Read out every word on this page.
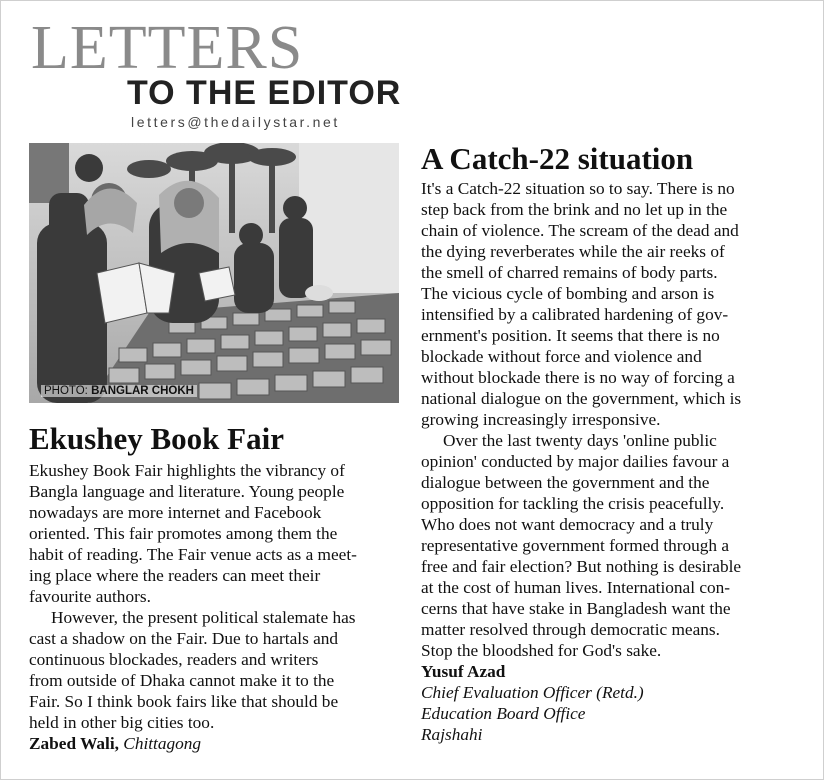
LETTERS
TO THE EDITOR
letters@thedailystar.net
PHOTO: BANGLAR CHOKH
Ekushey Book Fair

Ekushey Book Fair highlights the vibrancy of
Bangla language and literature. Young people
nowadays are more internet and Facebook
oriented. This fair promotes among them the
habit of reading. The Fair venue acts as a meet-
ing place where the readers can meet their
favourite authors.

However, the present political stalemate has
cast a shadow on the Fair. Due to hartals and
continuous blockades, readers and writers
from outside of Dhaka cannot make it to the
Fair. So I think book fairs like that should be
held in other big cities too.

Zabed Wali, Chittagong
A Catch-22 situation

It's a Catch-22 situation so to say. There is no
step back from the brink and no let up in the
chain of violence. The scream of the dead and
the dying reverberates while the air reeks of
the smell of charred remains of body parts.
The vicious cycle of bombing and arson is
intensified by a calibrated hardening of gov-
ernment's position. It seems that there is no
blockade without force and violence and
without blockade there is no way of forcing a
national dialogue on the government, which is
growing increasingly irresponsive.

Over the last twenty days 'online public
opinion' conducted by major dailies favour a
dialogue between the government and the
opposition for tackling the crisis peacefully.
Who does not want democracy and a truly
representative government formed through a
free and fair election? But nothing is desirable
at the cost of human lives. International con-
cerns that have stake in Bangladesh want the
matter resolved through democratic means.
Stop the bloodshed for God's sake.

Yusuf Azad
Chief Evaluation Officer (Retd.)
Education Board Office
Rajshahi
